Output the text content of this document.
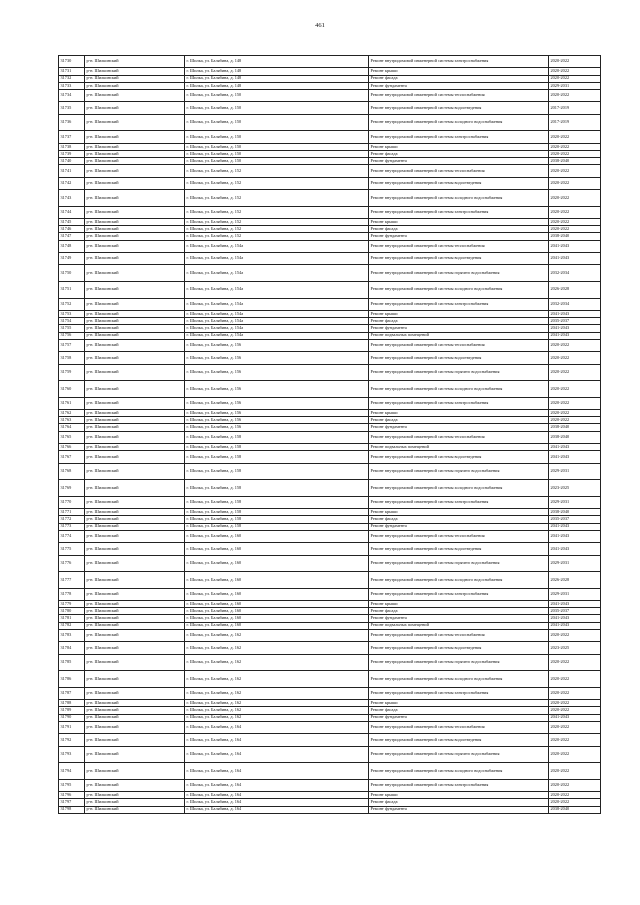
461
31730	р-н. Шилкинский	г. Шилка, ул. Балябина, д. 148	Ремонт внутридомовой инженерной системы электроснабжения	2020-2022
31731	р-н. Шилкинский	г. Шилка, ул. Балябина, д. 148	Ремонт крыши	2020-2022
31732	р-н. Шилкинский	г. Шилка, ул. Балябина, д. 148	Ремонт фасада	2020-2022
31733	р-н. Шилкинский	г. Шилка, ул. Балябина, д. 148	Ремонт фундамента	2029-2031
31734	р-н. Шилкинский	г. Шилка, ул. Балябина, д. 150	Ремонт внутридомовой инженерной системы теплоснабжения	2020-2022
31735	р-н. Шилкинский	г. Шилка, ул. Балябина, д. 150	Ремонт внутридомовой инженерной системы водоотведения	2017-2019
31736	р-н. Шилкинский	г. Шилка, ул. Балябина, д. 150	Ремонт внутридомовой инженерной системы холодного водоснабжения	2017-2019
31737	р-н. Шилкинский	г. Шилка, ул. Балябина, д. 150	Ремонт внутридомовой инженерной системы электроснабжения	2020-2022
31738	р-н. Шилкинский	г. Шилка, ул. Балябина, д. 150	Ремонт крыши	2020-2022
31739	р-н. Шилкинский	г. Шилка, ул. Балябина, д. 150	Ремонт фасада	2020-2022
31740	р-н. Шилкинский	г. Шилка, ул. Балябина, д. 150	Ремонт фундамента	2038-2040
31741	р-н. Шилкинский	г. Шилка, ул. Балябина, д. 152	Ремонт внутридомовой инженерной системы теплоснабжения	2020-2022
31742	р-н. Шилкинский	г. Шилка, ул. Балябина, д. 152	Ремонт внутридомовой инженерной системы водоотведения	2020-2022
31743	р-н. Шилкинский	г. Шилка, ул. Балябина, д. 152	Ремонт внутридомовой инженерной системы холодного водоснабжения	2020-2022
31744	р-н. Шилкинский	г. Шилка, ул. Балябина, д. 152	Ремонт внутридомовой инженерной системы электроснабжения	2020-2022
31745	р-н. Шилкинский	г. Шилка, ул. Балябина, д. 152	Ремонт крыши	2020-2022
31746	р-н. Шилкинский	г. Шилка, ул. Балябина, д. 152	Ремонт фасада	2020-2022
31747	р-н. Шилкинский	г. Шилка, ул. Балябина, д. 152	Ремонт фундамента	2038-2040
31748	р-н. Шилкинский	г. Шилка, ул. Балябина, д. 154а	Ремонт внутридомовой инженерной системы теплоснабжения	2041-2043
31749	р-н. Шилкинский	г. Шилка, ул. Балябина, д. 154а	Ремонт внутридомовой инженерной системы водоотведения	2041-2043
31750	р-н. Шилкинский	г. Шилка, ул. Балябина, д. 154а	Ремонт внутридомовой инженерной системы горячего водоснабжения	2032-2034
31751	р-н. Шилкинский	г. Шилка, ул. Балябина, д. 154а	Ремонт внутридомовой инженерной системы холодного водоснабжения	2026-2028
31752	р-н. Шилкинский	г. Шилка, ул. Балябина, д. 154а	Ремонт внутридомовой инженерной системы электроснабжения	2032-2034
31753	р-н. Шилкинский	г. Шилка, ул. Балябина, д. 154а	Ремонт крыши	2041-2043
31754	р-н. Шилкинский	г. Шилка, ул. Балябина, д. 154а	Ремонт фасада	2035-2037
31755	р-н. Шилкинский	г. Шилка, ул. Балябина, д. 154а	Ремонт фундамента	2041-2043
31756	р-н. Шилкинский	г. Шилка, ул. Балябина, д. 154а	Ремонт подвальных помещений	2041-2043
31757	р-н. Шилкинский	г. Шилка, ул. Балябина, д. 156	Ремонт внутридомовой инженерной системы теплоснабжения	2020-2022
31758	р-н. Шилкинский	г. Шилка, ул. Балябина, д. 156	Ремонт внутридомовой инженерной системы водоотведения	2020-2022
31759	р-н. Шилкинский	г. Шилка, ул. Балябина, д. 156	Ремонт внутридомовой инженерной системы горячего водоснабжения	2020-2022
31760	р-н. Шилкинский	г. Шилка, ул. Балябина, д. 156	Ремонт внутридомовой инженерной системы холодного водоснабжения	2020-2022
31761	р-н. Шилкинский	г. Шилка, ул. Балябина, д. 156	Ремонт внутридомовой инженерной системы электроснабжения	2020-2022
31762	р-н. Шилкинский	г. Шилка, ул. Балябина, д. 156	Ремонт крыши	2020-2022
31763	р-н. Шилкинский	г. Шилка, ул. Балябина, д. 156	Ремонт фасада	2020-2022
31764	р-н. Шилкинский	г. Шилка, ул. Балябина, д. 156	Ремонт фундамента	2038-2040
31765	р-н. Шилкинский	г. Шилка, ул. Балябина, д. 158	Ремонт внутридомовой инженерной системы теплоснабжения	2038-2040
31766	р-н. Шилкинский	г. Шилка, ул. Балябина, д. 158	Ремонт подвальных помещений	2041-2043
31767	р-н. Шилкинский	г. Шилка, ул. Балябина, д. 158	Ремонт внутридомовой инженерной системы водоотведения	2041-2043
31768	р-н. Шилкинский	г. Шилка, ул. Балябина, д. 158	Ремонт внутридомовой инженерной системы горячего водоснабжения	2029-2031
31769	р-н. Шилкинский	г. Шилка, ул. Балябина, д. 158	Ремонт внутридомовой инженерной системы холодного водоснабжения	2023-2025
31770	р-н. Шилкинский	г. Шилка, ул. Балябина, д. 158	Ремонт внутридомовой инженерной системы электроснабжения	2029-2031
31771	р-н. Шилкинский	г. Шилка, ул. Балябина, д. 158	Ремонт крыши	2038-2040
31772	р-н. Шилкинский	г. Шилка, ул. Балябина, д. 158	Ремонт фасада	2035-2037
31773	р-н. Шилкинский	г. Шилка, ул. Балябина, д. 158	Ремонт фундамента	2041-2043
31774	р-н. Шилкинский	г. Шилка, ул. Балябина, д. 160	Ремонт внутридомовой инженерной системы теплоснабжения	2041-2043
31775	р-н. Шилкинский	г. Шилка, ул. Балябина, д. 160	Ремонт внутридомовой инженерной системы водоотведения	2041-2043
31776	р-н. Шилкинский	г. Шилка, ул. Балябина, д. 160	Ремонт внутридомовой инженерной системы горячего водоснабжения	2029-2031
31777	р-н. Шилкинский	г. Шилка, ул. Балябина, д. 160	Ремонт внутридомовой инженерной системы холодного водоснабжения	2026-2028
31778	р-н. Шилкинский	г. Шилка, ул. Балябина, д. 160	Ремонт внутридомовой инженерной системы электроснабжения	2029-2031
31779	р-н. Шилкинский	г. Шилка, ул. Балябина, д. 160	Ремонт крыши	2041-2043
31780	р-н. Шилкинский	г. Шилка, ул. Балябина, д. 160	Ремонт фасада	2035-2037
31781	р-н. Шилкинский	г. Шилка, ул. Балябина, д. 160	Ремонт фундамента	2041-2043
31782	р-н. Шилкинский	г. Шилка, ул. Балябина, д. 160	Ремонт подвальных помещений	2041-2043
31783	р-н. Шилкинский	г. Шилка, ул. Балябина, д. 162	Ремонт внутридомовой инженерной системы теплоснабжения	2020-2022
31784	р-н. Шилкинский	г. Шилка, ул. Балябина, д. 162	Ремонт внутридомовой инженерной системы водоотведения	2023-2025
31785	р-н. Шилкинский	г. Шилка, ул. Балябина, д. 162	Ремонт внутридомовой инженерной системы горячего водоснабжения	2020-2022
31786	р-н. Шилкинский	г. Шилка, ул. Балябина, д. 162	Ремонт внутридомовой инженерной системы холодного водоснабжения	2020-2022
31787	р-н. Шилкинский	г. Шилка, ул. Балябина, д. 162	Ремонт внутридомовой инженерной системы электроснабжения	2020-2022
31788	р-н. Шилкинский	г. Шилка, ул. Балябина, д. 162	Ремонт крыши	2020-2022
31789	р-н. Шилкинский	г. Шилка, ул. Балябина, д. 162	Ремонт фасада	2020-2022
31790	р-н. Шилкинский	г. Шилка, ул. Балябина, д. 162	Ремонт фундамента	2041-2043
31791	р-н. Шилкинский	г. Шилка, ул. Балябина, д. 164	Ремонт внутридомовой инженерной системы теплоснабжения	2020-2022
31792	р-н. Шилкинский	г. Шилка, ул. Балябина, д. 164	Ремонт внутридомовой инженерной системы водоотведения	2020-2022
31793	р-н. Шилкинский	г. Шилка, ул. Балябина, д. 164	Ремонт внутридомовой инженерной системы горячего водоснабжения	2020-2022
31794	р-н. Шилкинский	г. Шилка, ул. Балябина, д. 164	Ремонт внутридомовой инженерной системы холодного водоснабжения	2020-2022
31795	р-н. Шилкинский	г. Шилка, ул. Балябина, д. 164	Ремонт внутридомовой инженерной системы электроснабжения	2020-2022
31796	р-н. Шилкинский	г. Шилка, ул. Балябина, д. 164	Ремонт крыши	2020-2022
31797	р-н. Шилкинский	г. Шилка, ул. Балябина, д. 164	Ремонт фасада	2020-2022
31798	р-н. Шилкинский	г. Шилка, ул. Балябина, д. 164	Ремонт фундамента	2038-2040
